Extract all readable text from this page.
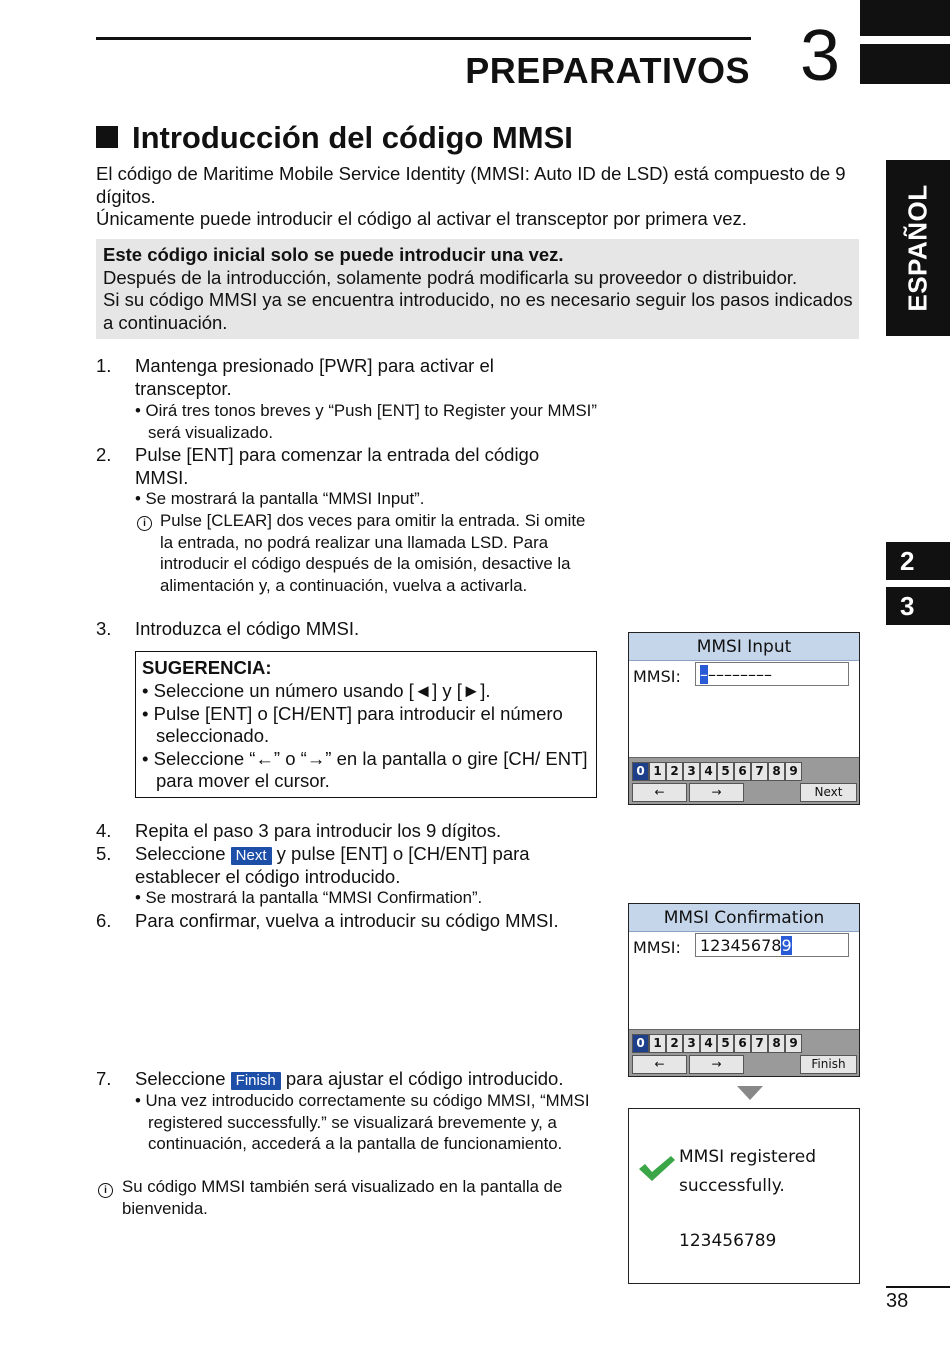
PREPARATIVOS 3
ESPAÑOL
2
3
Introducción del código MMSI
El código de Maritime Mobile Service Identity (MMSI: Auto ID de LSD) está compuesto de 9 dígitos.
Únicamente puede introducir el código al activar el transceptor por primera vez.
Este código inicial solo se puede introducir una vez.
Después de la introducción, solamente podrá modificarla su proveedor o distribuidor.
Si su código MMSI ya se encuentra introducido, no es necesario seguir los pasos indicados a continuación.
1. Mantenga presionado [PWR] para activar el transceptor.
• Oirá tres tonos breves y “Push [ENT] to Register your MMSI” será visualizado.
2. Pulse [ENT] para comenzar la entrada del código MMSI.
• Se mostrará la pantalla “MMSI Input”.
i Pulse [CLEAR] dos veces para omitir la entrada. Si omite la entrada, no podrá realizar una llamada LSD. Para introducir el código después de la omisión, desactive la alimentación y, a continuación, vuelva a activarla.
3. Introduzca el código MMSI.
SUGERENCIA:
• Seleccione un número usando [◄] y [►].
• Pulse [ENT] o [CH/ENT] para introducir el número seleccionado.
• Seleccione “←” o “→” en la pantalla o gire [CH/ ENT] para mover el cursor.
4. Repita el paso 3 para introducir los 9 dígitos.
5. Seleccione Next y pulse [ENT] o [CH/ENT] para establecer el código introducido.
• Se mostrará la pantalla “MMSI Confirmation”.
6. Para confirmar, vuelva a introducir su código MMSI.
7. Seleccione Finish para ajustar el código introducido.
• Una vez introducido correctamente su código MMSI, “MMSI registered successfully.” se visualizará brevemente y, a continuación, accederá a la pantalla de funcionamiento.
i Su código MMSI también será visualizado en la pantalla de bienvenida.
MMSI Input
MMSI:	–––––––––
0 1 2 3 4 5 6 7 8 9
←	→	Next
MMSI Confirmation
MMSI:	123456789
0 1 2 3 4 5 6 7 8 9
←	→	Finish
MMSI registered
successfully.
123456789
38
